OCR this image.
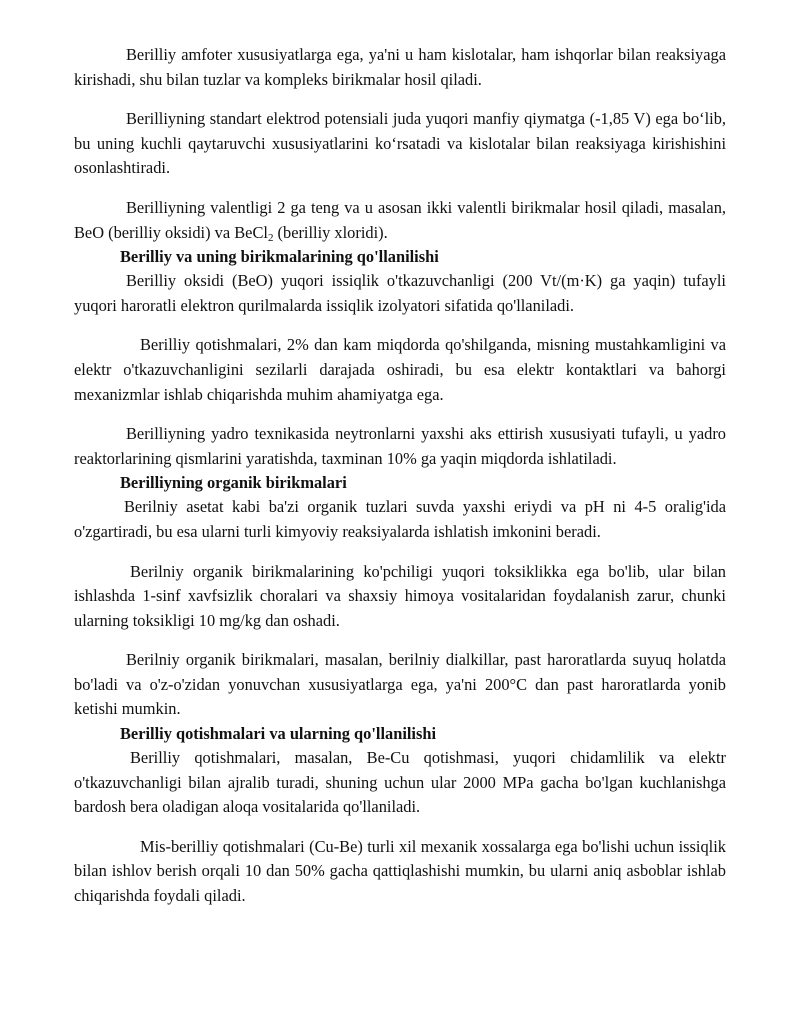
Berilliy amfoter xususiyatlarga ega, ya'ni u ham kislotalar, ham ishqorlar bilan reaksiyaga kirishadi, shu bilan tuzlar va kompleks birikmalar hosil qiladi.

Berilliyning standart elektrod potensiali juda yuqori manfiy qiymatga (-1,85 V) ega bo‘lib, bu uning kuchli qaytaruvchi xususiyatlarini ko‘rsatadi va kislotalar bilan reaksiyaga kirishishini osonlashtiradi.

Berilliyning valentligi 2 ga teng va u asosan ikki valentli birikmalar hosil qiladi, masalan, BeO (berilliy oksidi) va BeCl$_2$ (berilliy xloridi).

Berilliy va uning birikmalarining qo'llanilishi

Berilliy oksidi (BeO) yuqori issiqlik o'tkazuvchanligi (200 Vt/(m·K) ga yaqin) tufayli yuqori haroratli elektron qurilmalarda issiqlik izolyatori sifatida qo'llaniladi.

Berilliy qotishmalari, 2% dan kam miqdorda qo'shilganda, misning mustahkamligini va elektr o'tkazuvchanligini sezilarli darajada oshiradi, bu esa elektr kontaktlari va bahorgi mexanizmlar ishlab chiqarishda muhim ahamiyatga ega.

Berilliyning yadro texnikasida neytronlarni yaxshi aks ettirish xususiyati tufayli, u yadro reaktorlarining qismlarini yaratishda, taxminan 10% ga yaqin miqdorda ishlatiladi.

Berilliyning organik birikmalari

Berilniy asetat kabi ba'zi organik tuzlari suvda yaxshi eriydi va pH ni 4-5 oralig'ida o'zgartiradi, bu esa ularni turli kimyoviy reaksiyalarda ishlatish imkonini beradi.

Berilniy organik birikmalarining ko'pchiligi yuqori toksiklikka ega bo'lib, ular bilan ishlashda 1-sinf xavfsizlik choralari va shaxsiy himoya vositalaridan foydalanish zarur, chunki ularning toksikligi 10 mg/kg dan oshadi.

Berilniy organik birikmalari, masalan, berilniy dialkillar, past haroratlarda suyuq holatda bo'ladi va o'z-o'zidan yonuvchan xususiyatlarga ega, ya'ni 200°C dan past haroratlarda yonib ketishi mumkin.

Berilliy qotishmalari va ularning qo'llanilishi

Berilliy qotishmalari, masalan, Be-Cu qotishmasi, yuqori chidamlilik va elektr o'tkazuvchanligi bilan ajralib turadi, shuning uchun ular 2000 MPa gacha bo'lgan kuchlanishga bardosh bera oladigan aloqa vositalarida qo'llaniladi.

Mis-berilliy qotishmalari (Cu-Be) turli xil mexanik xossalarga ega bo'lishi uchun issiqlik bilan ishlov berish orqali 10 dan 50% gacha qattiqlashishi mumkin, bu ularni aniq asboblar ishlab chiqarishda foydali qiladi.
